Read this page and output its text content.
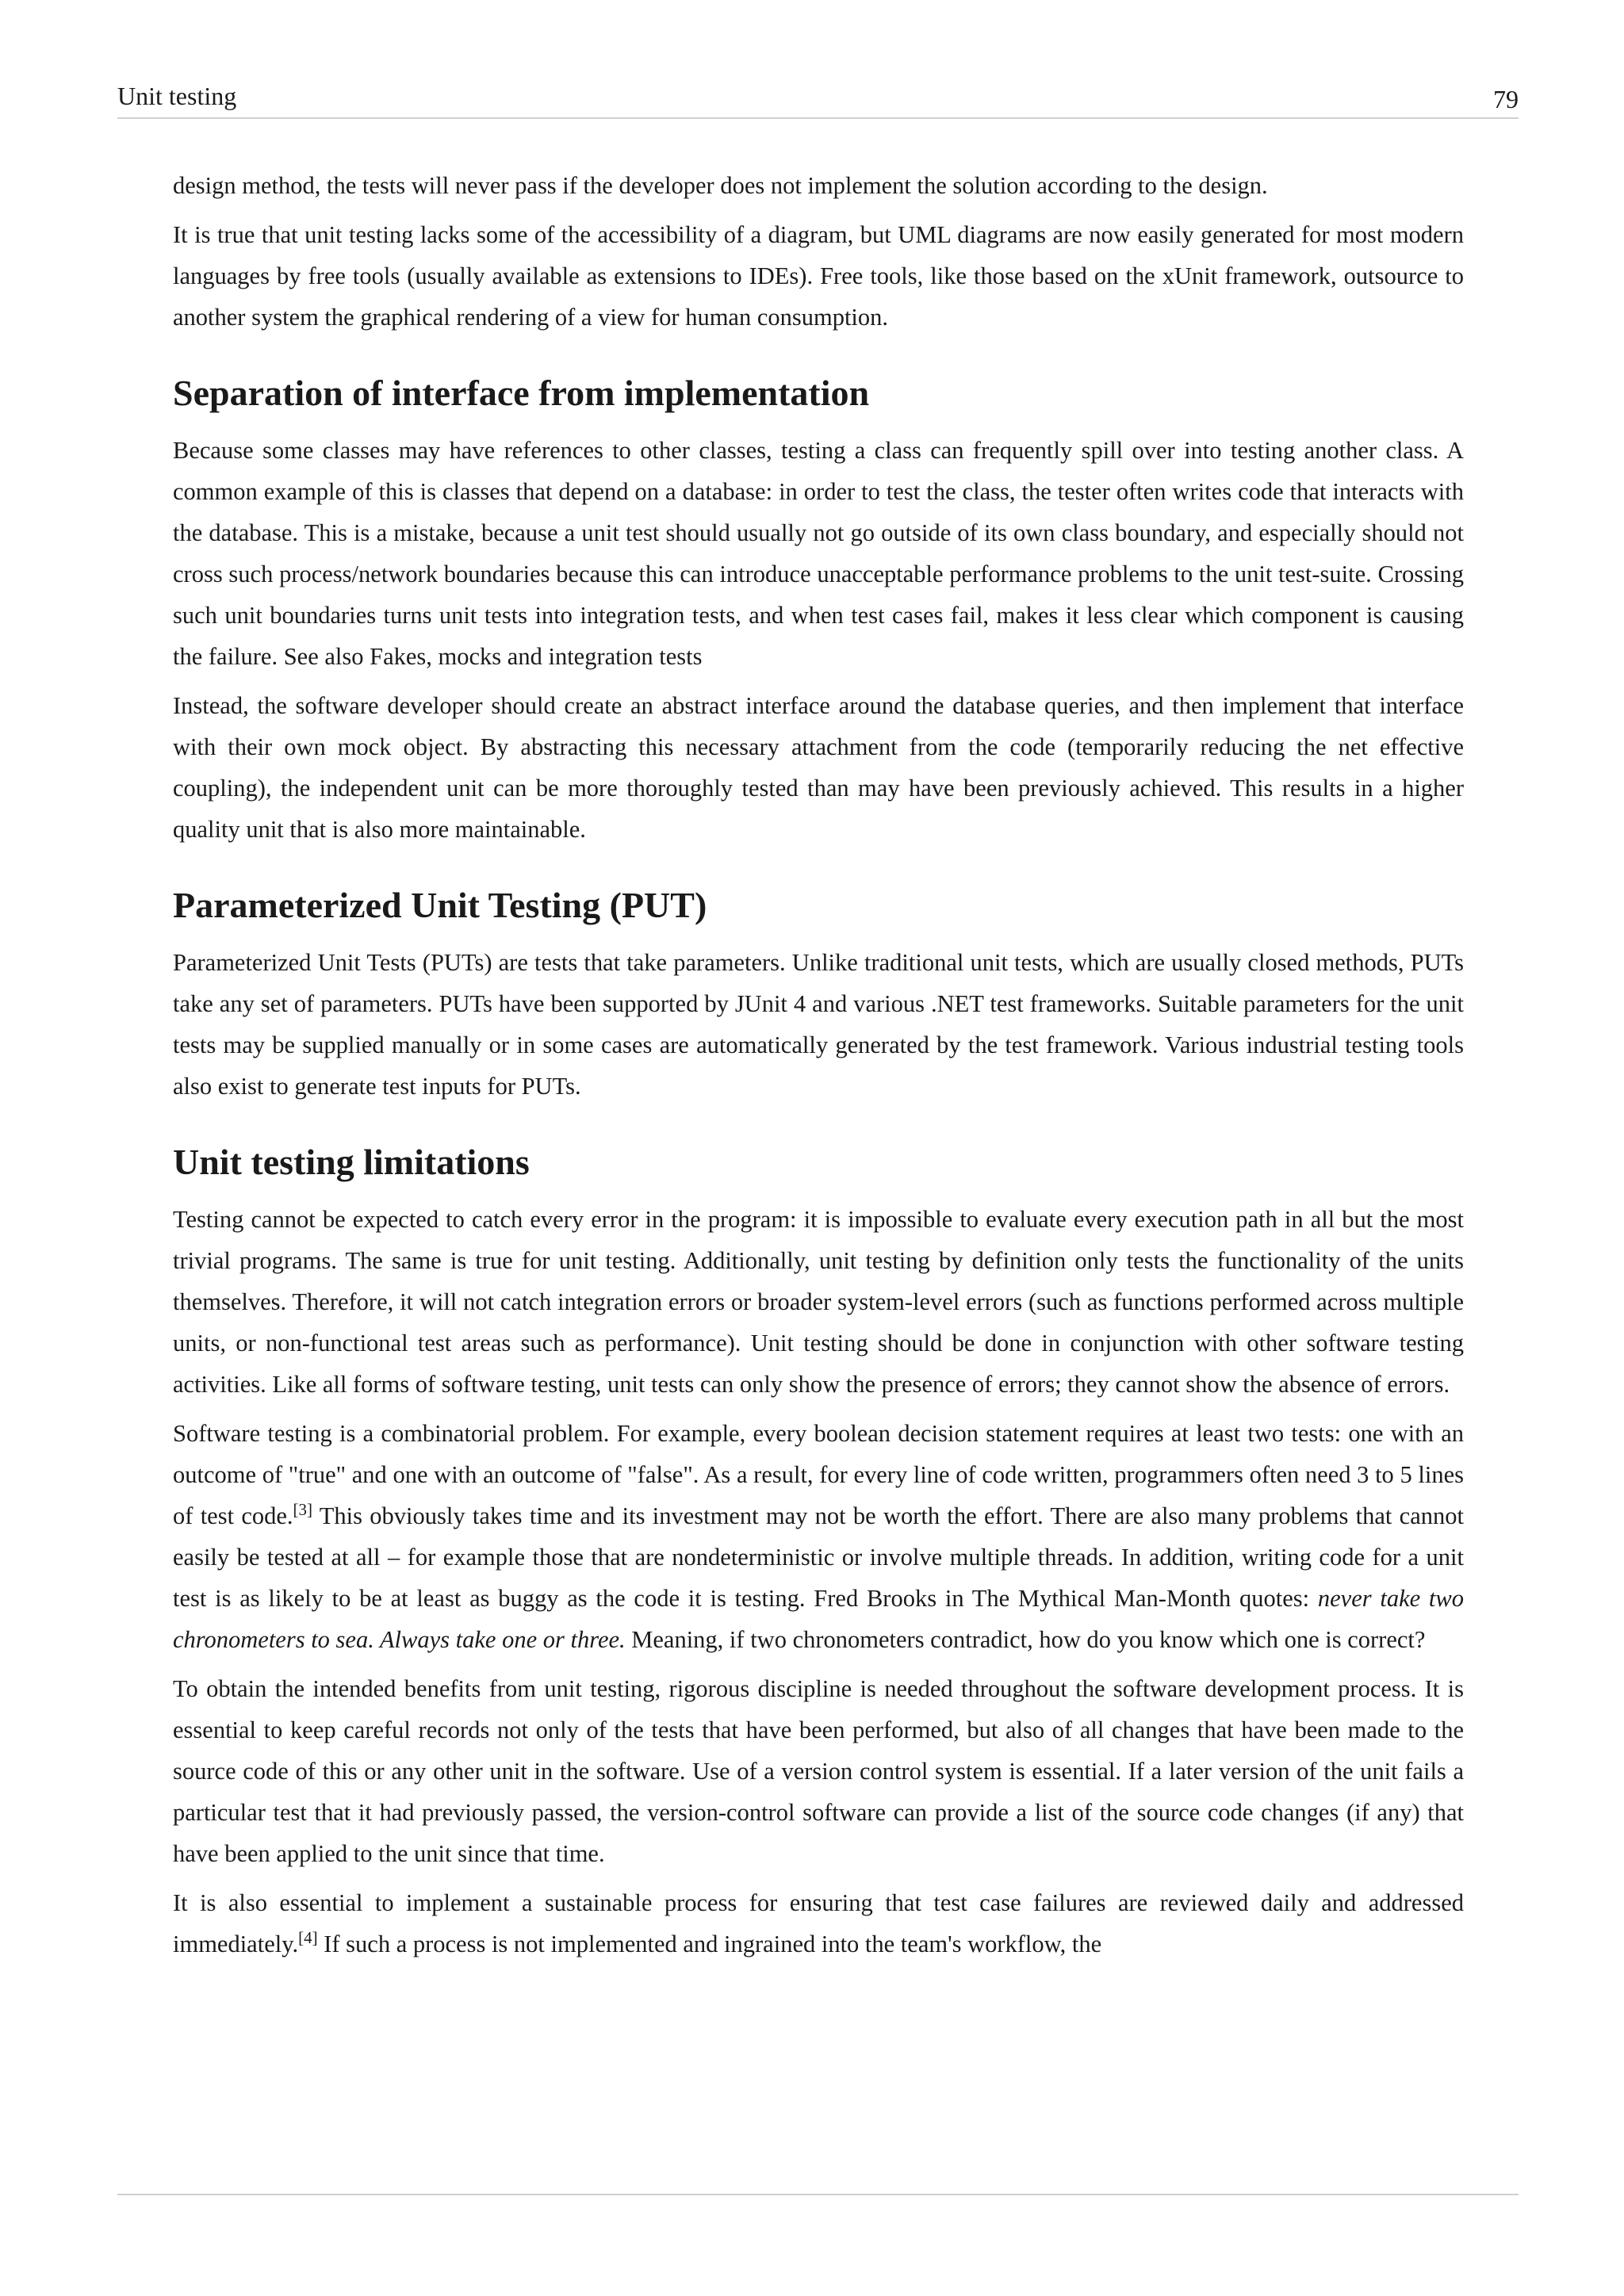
Unit testing	79

design method, the tests will never pass if the developer does not implement the solution according to the design.

It is true that unit testing lacks some of the accessibility of a diagram, but UML diagrams are now easily generated for most modern languages by free tools (usually available as extensions to IDEs). Free tools, like those based on the xUnit framework, outsource to another system the graphical rendering of a view for human consumption.

Separation of interface from implementation

Because some classes may have references to other classes, testing a class can frequently spill over into testing another class. A common example of this is classes that depend on a database: in order to test the class, the tester often writes code that interacts with the database. This is a mistake, because a unit test should usually not go outside of its own class boundary, and especially should not cross such process/network boundaries because this can introduce unacceptable performance problems to the unit test-suite. Crossing such unit boundaries turns unit tests into integration tests, and when test cases fail, makes it less clear which component is causing the failure. See also Fakes, mocks and integration tests

Instead, the software developer should create an abstract interface around the database queries, and then implement that interface with their own mock object. By abstracting this necessary attachment from the code (temporarily reducing the net effective coupling), the independent unit can be more thoroughly tested than may have been previously achieved. This results in a higher quality unit that is also more maintainable.

Parameterized Unit Testing (PUT)

Parameterized Unit Tests (PUTs) are tests that take parameters. Unlike traditional unit tests, which are usually closed methods, PUTs take any set of parameters. PUTs have been supported by JUnit 4 and various .NET test frameworks. Suitable parameters for the unit tests may be supplied manually or in some cases are automatically generated by the test framework. Various industrial testing tools also exist to generate test inputs for PUTs.

Unit testing limitations

Testing cannot be expected to catch every error in the program: it is impossible to evaluate every execution path in all but the most trivial programs. The same is true for unit testing. Additionally, unit testing by definition only tests the functionality of the units themselves. Therefore, it will not catch integration errors or broader system-level errors (such as functions performed across multiple units, or non-functional test areas such as performance). Unit testing should be done in conjunction with other software testing activities. Like all forms of software testing, unit tests can only show the presence of errors; they cannot show the absence of errors.

Software testing is a combinatorial problem. For example, every boolean decision statement requires at least two tests: one with an outcome of "true" and one with an outcome of "false". As a result, for every line of code written, programmers often need 3 to 5 lines of test code.[3] This obviously takes time and its investment may not be worth the effort. There are also many problems that cannot easily be tested at all – for example those that are nondeterministic or involve multiple threads. In addition, writing code for a unit test is as likely to be at least as buggy as the code it is testing. Fred Brooks in The Mythical Man-Month quotes: never take two chronometers to sea. Always take one or three. Meaning, if two chronometers contradict, how do you know which one is correct?

To obtain the intended benefits from unit testing, rigorous discipline is needed throughout the software development process. It is essential to keep careful records not only of the tests that have been performed, but also of all changes that have been made to the source code of this or any other unit in the software. Use of a version control system is essential. If a later version of the unit fails a particular test that it had previously passed, the version-control software can provide a list of the source code changes (if any) that have been applied to the unit since that time.

It is also essential to implement a sustainable process for ensuring that test case failures are reviewed daily and addressed immediately.[4] If such a process is not implemented and ingrained into the team's workflow, the
